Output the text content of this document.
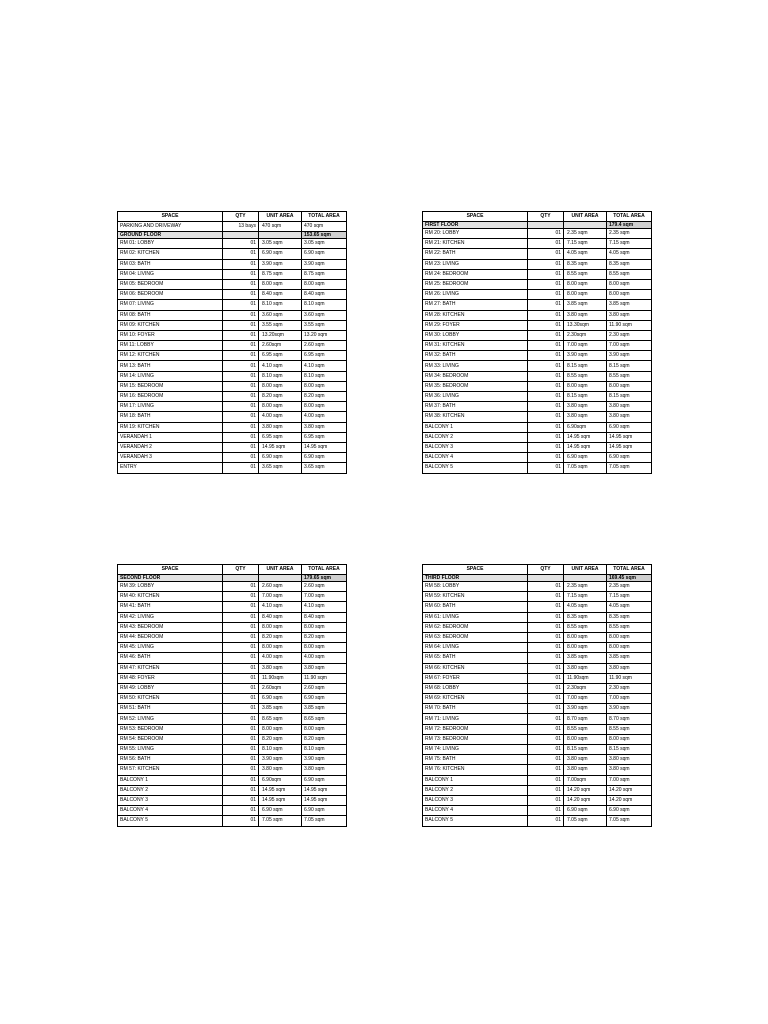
SPACE	QTY	UNIT AREA	TOTAL AREA
PARKING AND DRIVEWAY	13 bays	470 sqm	470 sqm
GROUND FLOOR			153.65 sqm
RM 01: LOBBY	01	3.05 sqm	3.05 sqm
RM 02: KITCHEN	01	6.90 sqm	6.90 sqm
RM 03: BATH	01	3.90 sqm	3.90 sqm
RM 04: LIVING	01	8.75 sqm	8.75 sqm
RM 05: BEDROOM	01	8.00 sqm	8.00 sqm
RM 06: BEDROOM	01	8.40 sqm	8.40 sqm
RM 07: LIVING	01	8.10 sqm	8.10 sqm
RM 08: BATH	01	3.60 sqm	3.60 sqm
RM 09: KITCHEN	01	3.55 sqm	3.55 sqm
RM 10: FOYER	01	13.20sqm	13.20 sqm
RM 11: LOBBY	01	2.60sqm	2.60 sqm
RM 12: KITCHEN	01	6.95 sqm	6.95 sqm
RM 13: BATH	01	4.10 sqm	4.10 sqm
RM 14: LIVING	01	8.10 sqm	8.10 sqm
RM 15: BEDROOM	01	8.00 sqm	8.00 sqm
RM 16: BEDROOM	01	8.20 sqm	8.20 sqm
RM 17: LIVING	01	8.00 sqm	8.00 sqm
RM 18: BATH	01	4.00 sqm	4.00 sqm
RM 19: KITCHEN	01	3.80 sqm	3.80 sqm
VERANDAH 1	01	6.95 sqm	6.95 sqm
VERANDAH 2	01	14.95 sqm	14.95 sqm
VERANDAH 3	01	6.90 sqm	6.90 sqm
ENTRY	01	3.65 sqm	3.65 sqm
SPACE	QTY	UNIT AREA	TOTAL AREA
FIRST FLOOR			179.4 sqm
RM 20: LOBBY	01	2.35 sqm	2.35 sqm
RM 21: KITCHEN	01	7.15 sqm	7.15 sqm
RM 22: BATH	01	4.05 sqm	4.05 sqm
RM 23: LIVING	01	8.35 sqm	8.35 sqm
RM 24: BEDROOM	01	8.55 sqm	8.55 sqm
RM 25: BEDROOM	01	8.00 sqm	8.00 sqm
RM 26: LIVING	01	8.00 sqm	8.00 sqm
RM 27: BATH	01	3.85 sqm	3.85 sqm
RM 28: KITCHEN	01	3.80 sqm	3.80 sqm
RM 29: FOYER	01	13.30sqm	11.90 sqm
RM 30: LOBBY	01	2.30sqm	2.30 sqm
RM 31: KITCHEN	01	7.00 sqm	7.00 sqm
RM 32: BATH	01	3.90 sqm	3.90 sqm
RM 33: LIVING	01	8.15 sqm	8.15 sqm
RM 34: BEDROOM	01	8.55 sqm	8.55 sqm
RM 35: BEDROOM	01	8.00 sqm	8.00 sqm
RM 36: LIVING	01	8.15 sqm	8.15 sqm
RM 37: BATH	01	3.80 sqm	3.80 sqm
RM 38: KITCHEN	01	3.80 sqm	3.80 sqm
BALCONY 1	01	6.90sqm	6.90 sqm
BALCONY 2	01	14.95 sqm	14.95 sqm
BALCONY 3	01	14.95 sqm	14.95 sqm
BALCONY 4	01	6.90 sqm	6.90 sqm
BALCONY 5	01	7.05 sqm	7.05 sqm
SPACE	QTY	UNIT AREA	TOTAL AREA
SECOND FLOOR			179.65 sqm
RM 39: LOBBY	01	2.60 sqm	2.60 sqm
RM 40: KITCHEN	01	7.00 sqm	7.00 sqm
RM 41: BATH	01	4.10 sqm	4.10 sqm
RM 42: LIVING	01	8.40 sqm	8.40 sqm
RM 43: BEDROOM	01	8.00 sqm	8.00 sqm
RM 44: BEDROOM	01	8.20 sqm	8.20 sqm
RM 45: LIVING	01	8.00 sqm	8.00 sqm
RM 46: BATH	01	4.00 sqm	4.00 sqm
RM 47: KITCHEN	01	3.80 sqm	3.80 sqm
RM 48: FOYER	01	11.90sqm	11.90 sqm
RM 49: LOBBY	01	2.60sqm	2.60 sqm
RM 50: KITCHEN	01	6.90 sqm	6.90 sqm
RM 51: BATH	01	3.85 sqm	3.85 sqm
RM 52: LIVING	01	8.65 sqm	8.65 sqm
RM 53: BEDROOM	01	8.00 sqm	8.00 sqm
RM 54: BEDROOM	01	8.20 sqm	8.20 sqm
RM 55: LIVING	01	8.10 sqm	8.10 sqm
RM 56: BATH	01	3.90 sqm	3.90 sqm
RM 57: KITCHEN	01	3.80 sqm	3.80 sqm
BALCONY 1	01	6.90sqm	6.90 sqm
BALCONY 2	01	14.95 sqm	14.95 sqm
BALCONY 3	01	14.95 sqm	14.95 sqm
BALCONY 4	01	6.90 sqm	6.90 sqm
BALCONY 5	01	7.05 sqm	7.05 sqm
SPACE	QTY	UNIT AREA	TOTAL AREA
THIRD FLOOR			169.45 sqm
RM 58: LOBBY	01	2.35 sqm	2.35 sqm
RM 59: KITCHEN	01	7.15 sqm	7.15 sqm
RM 60: BATH	01	4.05 sqm	4.05 sqm
RM 61: LIVING	01	8.35 sqm	8.35 sqm
RM 62: BEDROOM	01	8.55 sqm	8.55 sqm
RM 63: BEDROOM	01	8.00 sqm	8.00 sqm
RM 64: LIVING	01	8.00 sqm	8.00 sqm
RM 65: BATH	01	3.85 sqm	3.85 sqm
RM 66: KITCHEN	01	3.80 sqm	3.80 sqm
RM 67: FOYER	01	11.90sqm	11.90 sqm
RM 68: LOBBY	01	2.30sqm	2.30 sqm
RM 69: KITCHEN	01	7.00 sqm	7.00 sqm
RM 70: BATH	01	3.90 sqm	3.90 sqm
RM 71: LIVING	01	8.70 sqm	8.70 sqm
RM 72: BEDROOM	01	8.55 sqm	8.55 sqm
RM 73: BEDROOM	01	8.00 sqm	8.00 sqm
RM 74: LIVING	01	8.15 sqm	8.15 sqm
RM 75: BATH	01	3.80 sqm	3.80 sqm
RM 76: KITCHEN	01	3.80 sqm	3.80 sqm
BALCONY 1	01	7.00sqm	7.00 sqm
BALCONY 2	01	14.20 sqm	14.20 sqm
BALCONY 3	01	14.20 sqm	14.20 sqm
BALCONY 4	01	6.90 sqm	6.90 sqm
BALCONY 5	01	7.05 sqm	7.05 sqm
